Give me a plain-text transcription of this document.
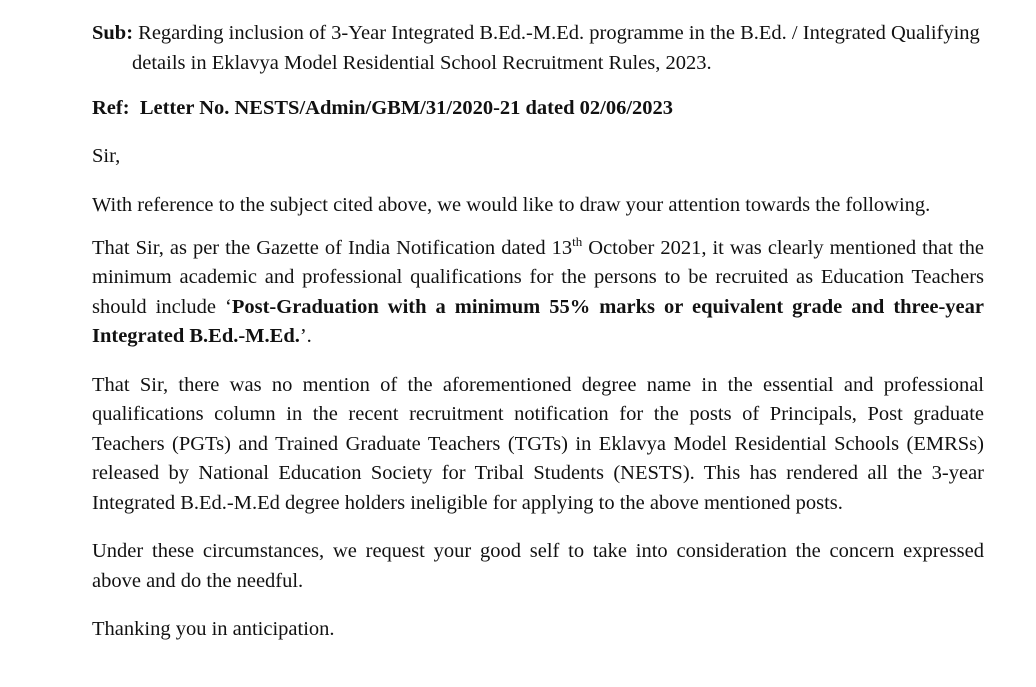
Sub: Regarding inclusion of 3-Year Integrated B.Ed.-M.Ed. programme in the B.Ed. / Integrated Qualifying details in Eklavya Model Residential School Recruitment Rules, 2023.

Ref:  Letter No. NESTS/Admin/GBM/31/2020-21 dated 02/06/2023

Sir,

With reference to the subject cited above, we would like to draw your attention towards the following.

That Sir, as per the Gazette of India Notification dated 13th October 2021, it was clearly mentioned that the minimum academic and professional qualifications for the persons to be recruited as Education Teachers should include ‘Post-Graduation with a minimum 55% marks or equivalent grade and three-year Integrated B.Ed.-M.Ed.’.

That Sir, there was no mention of the aforementioned degree name in the essential and professional qualifications column in the recent recruitment notification for the posts of Principals, Post graduate Teachers (PGTs) and Trained Graduate Teachers (TGTs) in Eklavya Model Residential Schools (EMRSs) released by National Education Society for Tribal Students (NESTS). This has rendered all the 3-year Integrated B.Ed.-M.Ed degree holders ineligible for applying to the above mentioned posts.

Under these circumstances, we request your good self to take into consideration the concern expressed above and do the needful.

Thanking you in anticipation.
